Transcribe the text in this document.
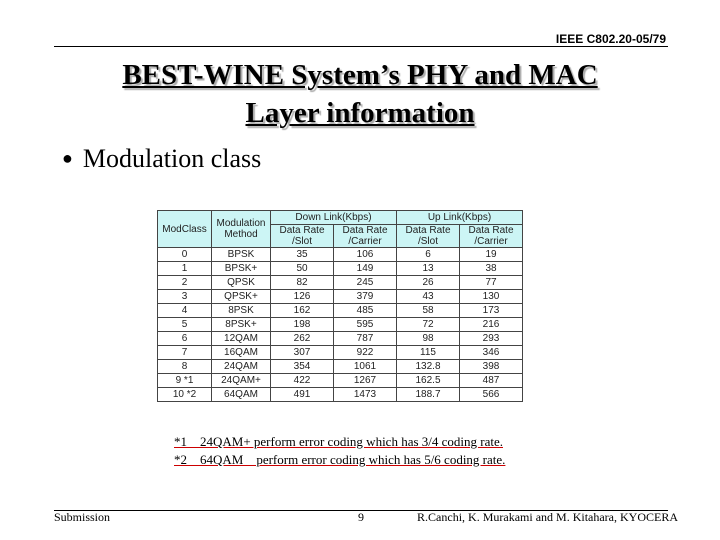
IEEE C802.20-05/79
BEST-WINE System’s PHY and MAC
Layer information
● Modulation class
ModClass	Modulation Method	Down Link(Kbps)		Up Link(Kbps)	
		Data Rate /Slot	Data Rate /Carrier	Data Rate /Slot	Data Rate /Carrier
0	BPSK	35	106	6	19
1	BPSK+	50	149	13	38
2	QPSK	82	245	26	77
3	QPSK+	126	379	43	130
4	8PSK	162	485	58	173
5	8PSK+	198	595	72	216
6	12QAM	262	787	98	293
7	16QAM	307	922	115	346
8	24QAM	354	1061	132.8	398
9 *1	24QAM+	422	1267	162.5	487
10 *2	64QAM	491	1473	188.7	566
*1　24QAM+ perform error coding which has 3/4 coding rate.
*2　64QAM　perform error coding which has 5/6 coding rate.
Submission	9	R.Canchi, K. Murakami and M. Kitahara, KYOCERA
